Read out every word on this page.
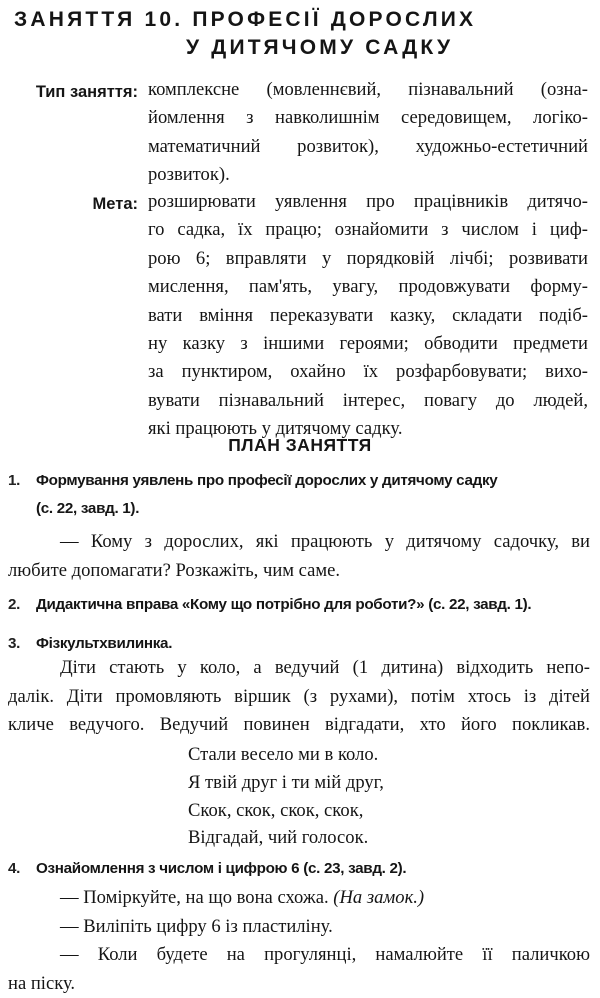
ЗАНЯТТЯ 10. ПРОФЕСІЇ ДОРОСЛИХ
У ДИТЯЧОМУ САДКУ
Тип заняття: комплексне (мовленнєвий, пізнавальний (озна-
йомлення з навколишнім середовищем, логіко-
математичний розвиток), художньо-естетичний
розвиток).
Мета: розширювати уявлення про працівників дитячо-
го садка, їх працю; ознайомити з числом і циф-
рою 6; вправляти у порядковій лічбі; розвивати
мислення, пам'ять, увагу, продовжувати форму-
вати вміння переказувати казку, складати подіб-
ну казку з іншими героями; обводити предмети
за пунктиром, охайно їх розфарбовувати; вихо-
вувати пізнавальний інтерес, повагу до людей,
які працюють у дитячому садку.
ПЛАН ЗАНЯТТЯ
1. Формування уявлень про професії дорослих у дитячому садку
(с. 22, завд. 1).
— Кому з дорослих, які працюють у дитячому садочку, ви
любите допомагати? Розкажіть, чим саме.
2. Дидактична вправа «Кому що потрібно для роботи?» (с. 22, завд. 1).
3. Фізкультхвилинка.
Діти стають у коло, а ведучий (1 дитина) відходить непо-
далік. Діти промовляють віршик (з рухами), потім хтось із дітей
кличе ведучого. Ведучий повинен відгадати, хто його покликав.
Стали весело ми в коло.
Я твій друг і ти мій друг,
Скок, скок, скок, скок,
Відгадай, чий голосок.
4. Ознайомлення з числом і цифрою 6 (с. 23, завд. 2).
— Поміркуйте, на що вона схожа. (На замок.)
— Виліпіть цифру 6 із пластиліну.
— Коли будете на прогулянці, намалюйте її паличкою
на піску.
